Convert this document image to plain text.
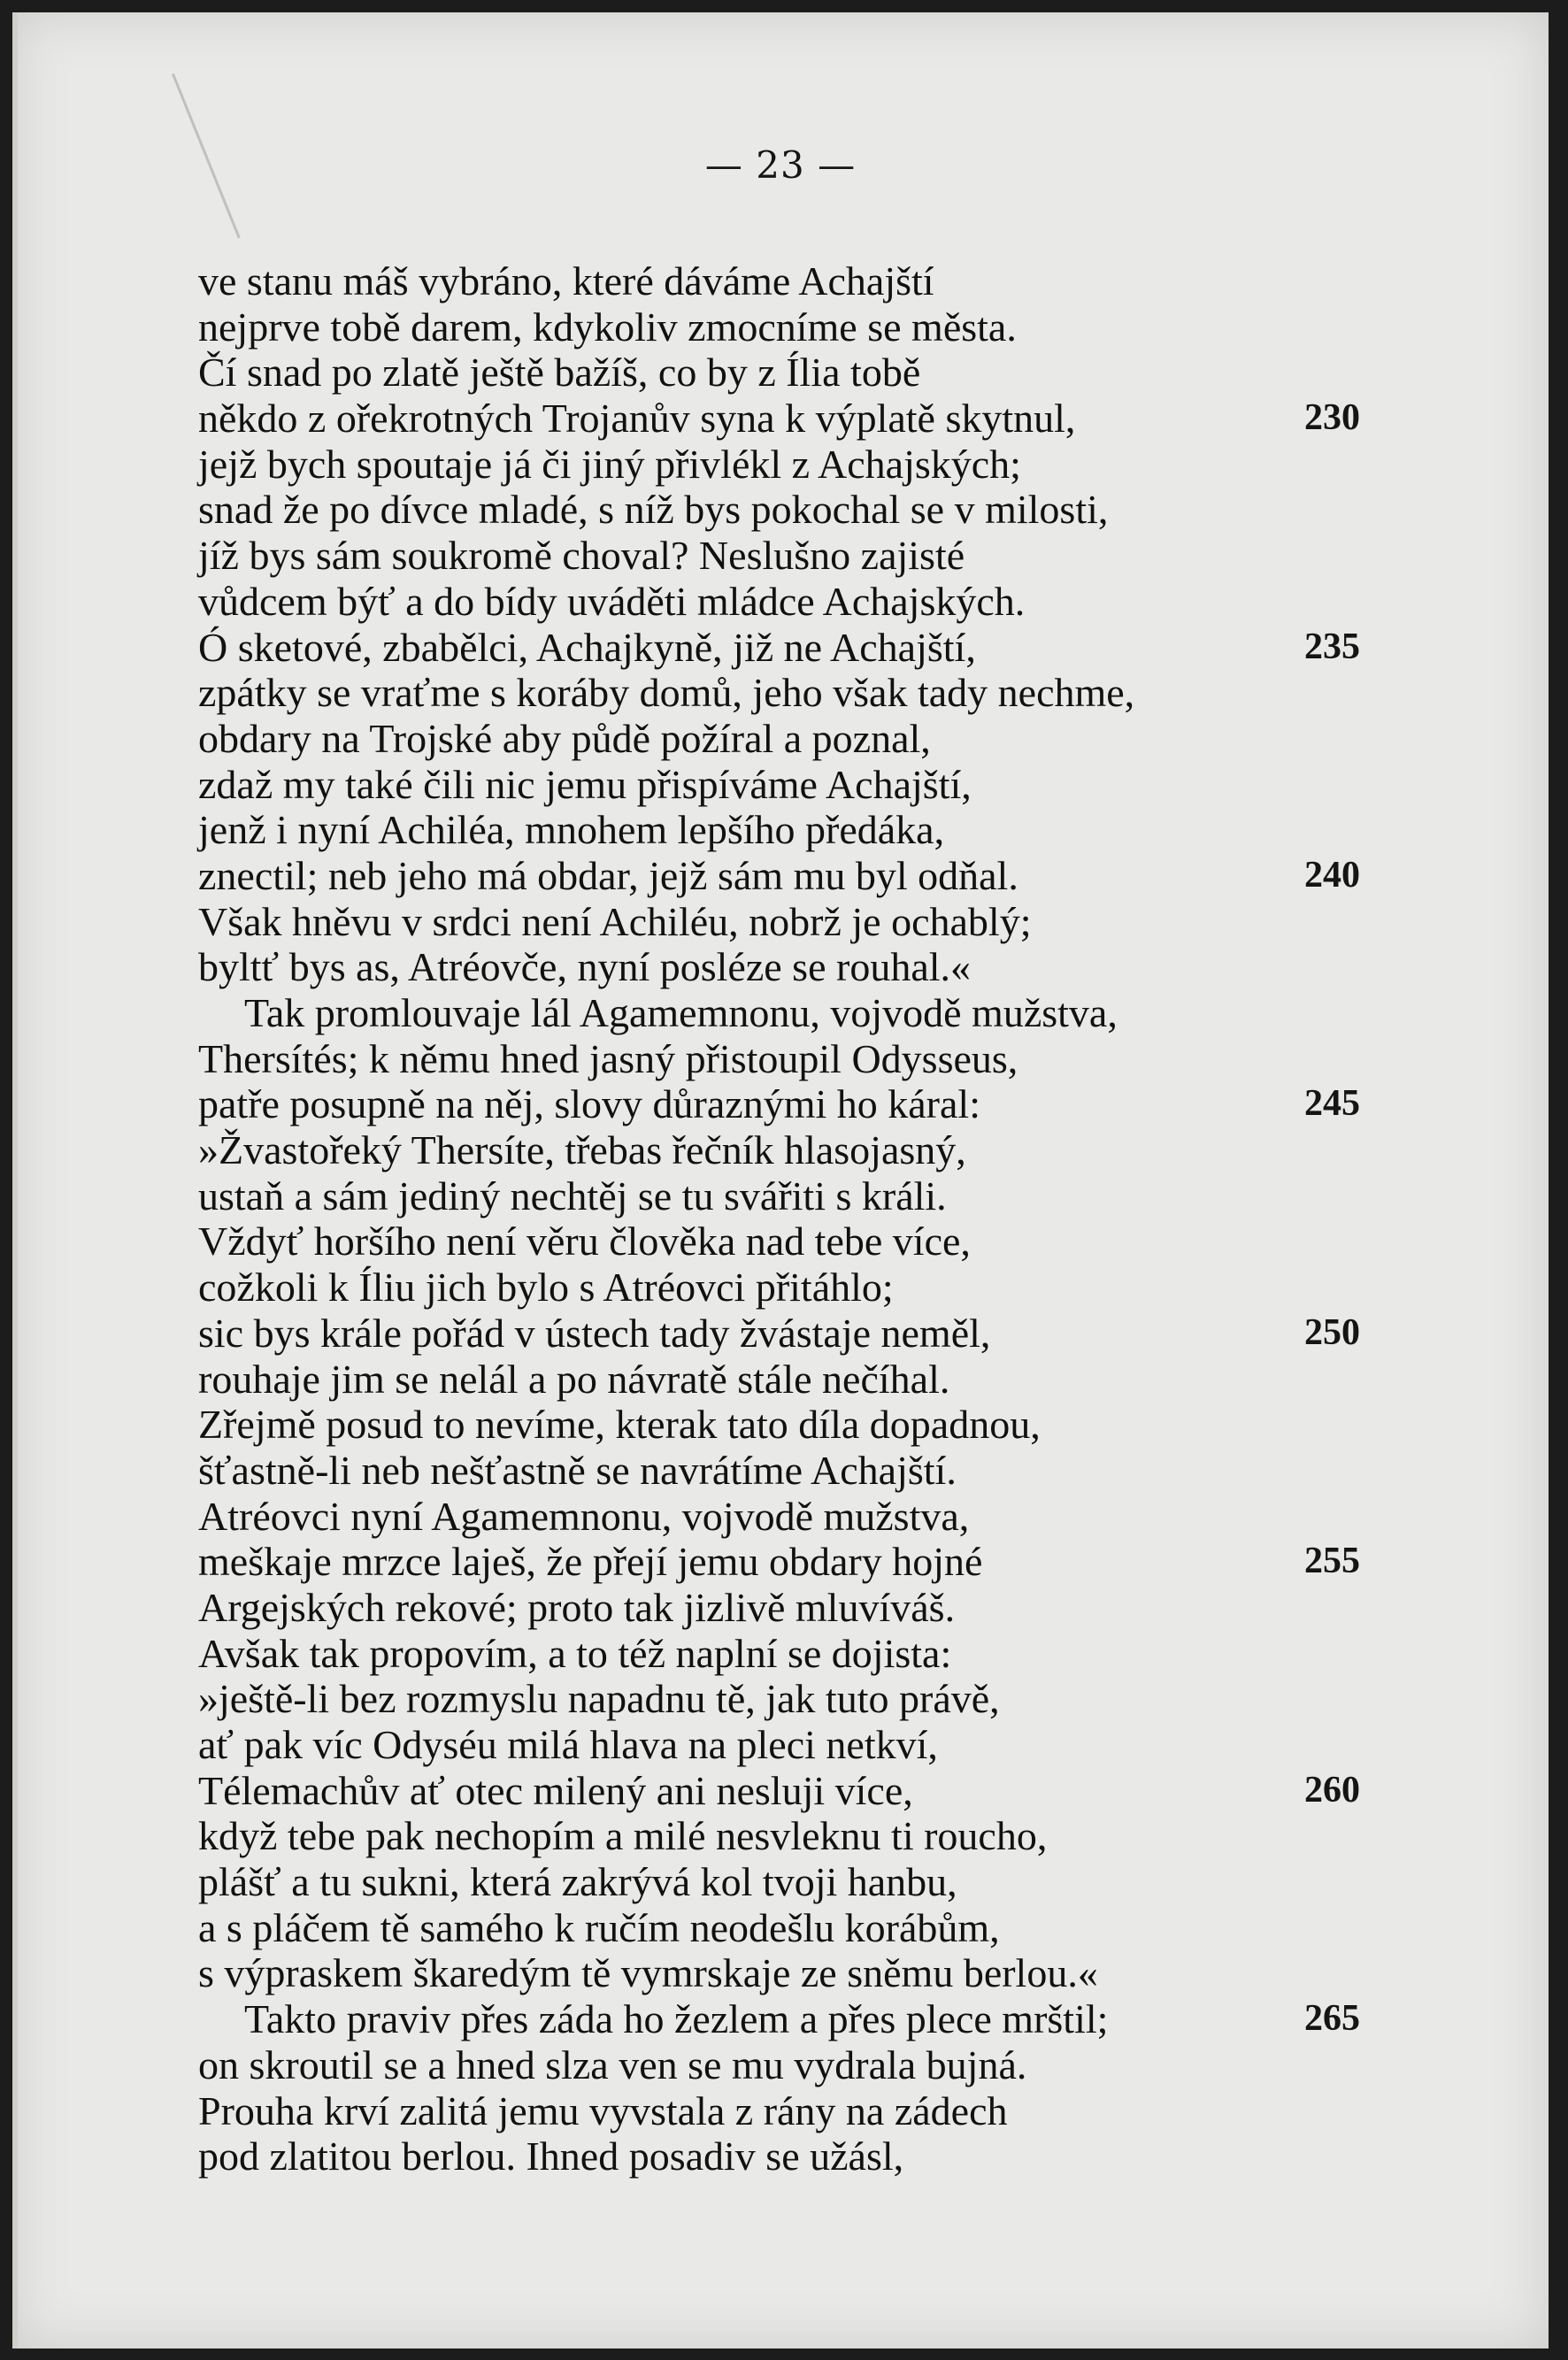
— 23 —
ve stanu máš vybráno, které dáváme Achajští
nejprve tobě darem, kdykoliv zmocníme se města.
Čí snad po zlatě ještě bažíš, co by z Ília tobě
někdo z ořekrotných Trojanův syna k výplatě skytnul,	230
jejž bych spoutaje já či jiný přivlékl z Achajských;
snad že po dívce mladé, s níž bys pokochal se v milosti,
jíž bys sám soukromě choval? Neslušno zajisté
vůdcem býť a do bídy uváděti mládce Achajských.
Ó sketové, zbabělci, Achajkyně, již ne Achajští,	235
zpátky se vraťme s koráby domů, jeho však tady nechme,
obdary na Trojské aby půdě požíral a poznal,
zdaž my také čili nic jemu přispíváme Achajští,
jenž i nyní Achiléa, mnohem lepšího předáka,
znectil; neb jeho má obdar, jejž sám mu byl odňal.	240
Však hněvu v srdci není Achiléu, nobrž je ochablý;
byltť bys as, Atréovče, nyní posléze se rouhal.«
Tak promlouvaje lál Agamemnonu, vojvodě mužstva,
Thersítés; k němu hned jasný přistoupil Odysseus,
patře posupně na něj, slovy důraznými ho káral:	245
»Žvastořeký Thersíte, třebas řečník hlasojasný,
ustaň a sám jediný nechtěj se tu svářiti s králi.
Vždyť horšího není věru člověka nad tebe více,
cožkoli k Íliu jich bylo s Atréovci přitáhlo;
sic bys krále pořád v ústech tady žvástaje neměl,	250
rouhaje jim se nelál a po návratě stále nečíhal.
Zřejmě posud to nevíme, kterak tato díla dopadnou,
šťastně-li neb nešťastně se navrátíme Achajští.
Atréovci nyní Agamemnonu, vojvodě mužstva,
meškaje mrzce laješ, že přejí jemu obdary hojné	255
Argejských rekové; proto tak jizlivě mluvíváš.
Avšak tak propovím, a to též naplní se dojista:
»ještě-li bez rozmyslu napadnu tě, jak tuto právě,
ať pak víc Odyséu milá hlava na pleci netkví,
Télemachův ať otec milený ani nesluji více,	260
když tebe pak nechopím a milé nesvleknu ti roucho,
plášť a tu sukni, která zakrývá kol tvoji hanbu,
a s pláčem tě samého k ručím neodešlu korábům,
s výpraskem škaredým tě vymrskaje ze sněmu berlou.«
Takto praviv přes záda ho žezlem a přes plece mrštil;	265
on skroutil se a hned slza ven se mu vydrala bujná.
Prouha krví zalitá jemu vyvstala z rány na zádech
pod zlatitou berlou. Ihned posadiv se užásl,
